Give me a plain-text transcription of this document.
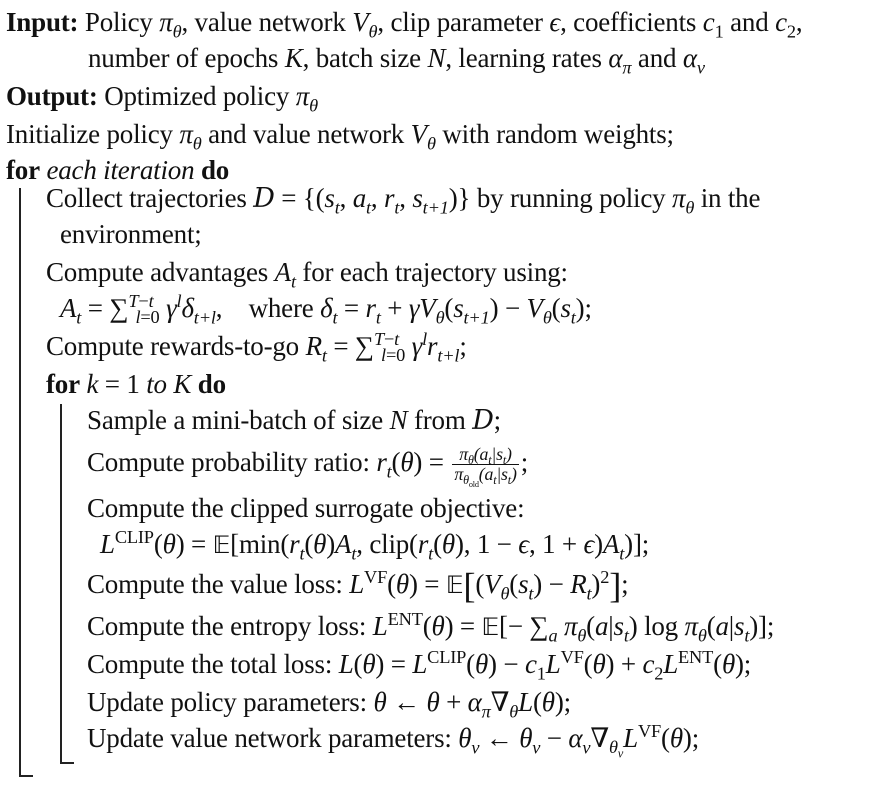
Input: Policy $\pi_\theta$, value network $V_\theta$, clip parameter ϵ, coefficients $c_1$ and $c_2$,
number of epochs K, batch size N, learning rates $\alpha_\pi$ and $\alpha_v$
Output: Optimized policy $\pi_\theta$
Initialize policy $\pi_\theta$ and value network $V_\theta$ with random weights;
for each iteration do
Collect trajectories $D = \{(s_t$, $a_t$, $r_t$, $s_{t+1}$)} by running policy $\pi_\theta$ in the
environment;
Compute advantages $A_t$ for each trajectory using:
$A_t = \sum^{T-t}_{l=0}$ $\gamma^l\delta_{t+l}$,    where $\delta_t = r_t + \gamma V_\theta(s_{t+1}) - V_\theta(s_t)$;
Compute rewards-to-go $R_t = \sum^{T-t}_{l=0}$ $\gamma^lr_{t+l}$;
for k = 1 to K do
Sample a mini-batch of size N from D;
Compute probability ratio: $r_t(\theta) = \frac{\pi_\theta(a_t|s_t)}{\pi_{\theta_{old}}(a_t|s_t)}$ ;
Compute the clipped surrogate objective:
$L^{CLIP}(\theta)$ = $𝔼[\min(r_t(\theta)A_t$, $clip(r_t(\theta)$, 1 − ϵ, $1 + \epsilon)A_t$)];
Compute the value loss: $L^{VF}(\theta)$ = $𝔼[(V_\theta(s_t) - R_t)^2]$;
Compute the entropy loss: $L^{ENT}(\theta)$ = 𝔼[− $\sum_a$ $\pi_\theta(a|s_t)$ $\log \pi_\theta(a|s_t)$];
Compute the total loss: $L(\theta) = L^{CLIP}(\theta) - c_1L^{VF}(\theta) + c_2L^{ENT}(\theta)$;
Update policy parameters: θ ← $\theta + \alpha_\pi\nabla_\theta L(\theta)$;
Update value network parameters: $\theta_v$ ← $\theta_v - \alpha_v\nabla_{\theta_v}L^{VF}(\theta)$;
